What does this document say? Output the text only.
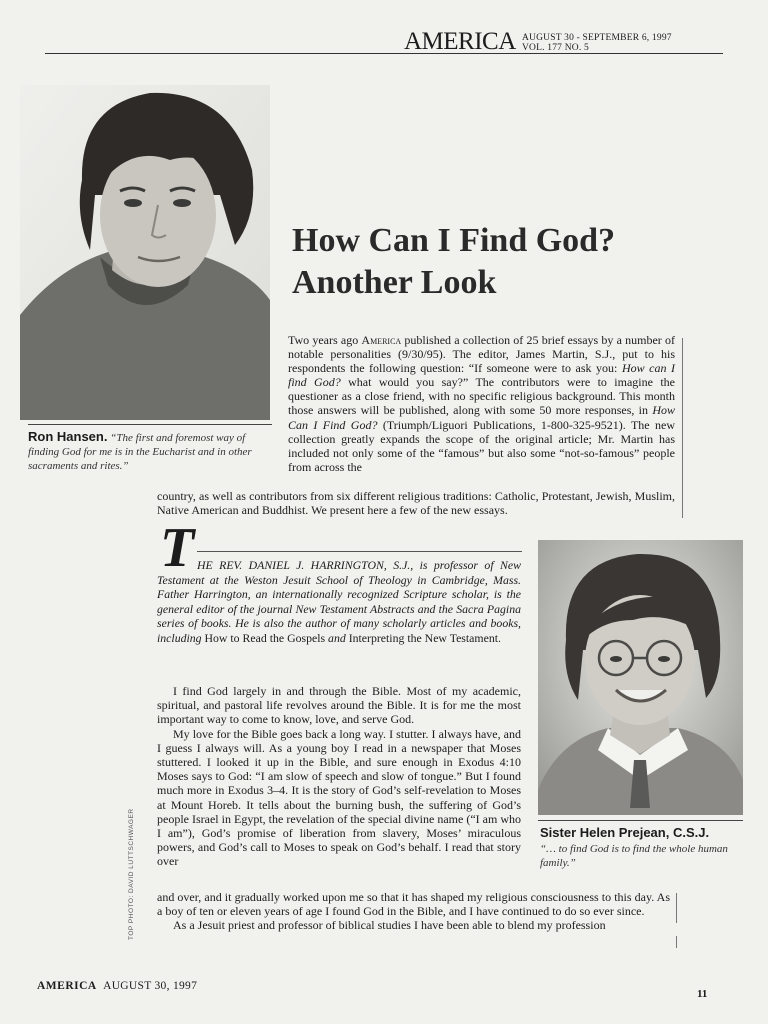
AMERICA AUGUST 30 - SEPTEMBER 6, 1997
VOL. 177 NO. 5
Ron Hansen. “The first and foremost way of finding God for me is in the Eucharist and in other sacraments and rites.”
How Can I Find God?
Another Look
Two years ago America published a collection of 25 brief essays by a number of notable personalities (9/30/95). The editor, James Martin, S.J., put to his respondents the following question: “If someone were to ask you: How can I find God? what would you say?” The contributors were to imagine the questioner as a close friend, with no specific religious background. This month those answers will be published, along with some 50 more responses, in How Can I Find God? (Triumph/Liguori Publications, 1-800-325-9521). The new collection greatly expands the scope of the original article; Mr. Martin has included not only some of the “famous” but also some “not-so-famous” people from across the
country, as well as contributors from six different religious traditions: Catholic, Protestant, Jewish, Muslim, Native American and Buddhist. We present here a few of the new essays.
T HE REV. DANIEL J. HARRINGTON, S.J., is professor of New Testament at the Weston Jesuit School of Theology in Cambridge, Mass. Father Harrington, an internationally recognized Scripture scholar, is the general editor of the journal New Testament Abstracts and the Sacra Pagina series of books. He is also the author of many scholarly articles and books, including How to Read the Gospels and Interpreting the New Testament.

I find God largely in and through the Bible. Most of my academic, spiritual, and pastoral life revolves around the Bible. It is for me the most important way to come to know, love, and serve God.

My love for the Bible goes back a long way. I stutter. I always have, and I guess I always will. As a young boy I read in a newspaper that Moses stuttered. I looked it up in the Bible, and sure enough in Exodus 4:10 Moses says to God: “I am slow of speech and slow of tongue.” But I found much more in Exodus 3–4. It is the story of God’s self-revelation to Moses at Mount Horeb. It tells about the burning bush, the suffering of God’s people Israel in Egypt, the revelation of the special divine name (“I am who I am”), God’s promise of liberation from slavery, Moses’ miraculous powers, and God’s call to Moses to speak on God’s behalf. I read that story over

and over, and it gradually worked upon me so that it has shaped my religious consciousness to this day. As a boy of ten or eleven years of age I found God in the Bible, and I have continued to do so ever since.

As a Jesuit priest and professor of biblical studies I have been able to blend my profession

Sister Helen Prejean, C.S.J.
“… to find God is to find the whole human family.”
TOP PHOTO: DAVID LUTTSCHWAGER
AMERICA AUGUST 30, 1997
11
